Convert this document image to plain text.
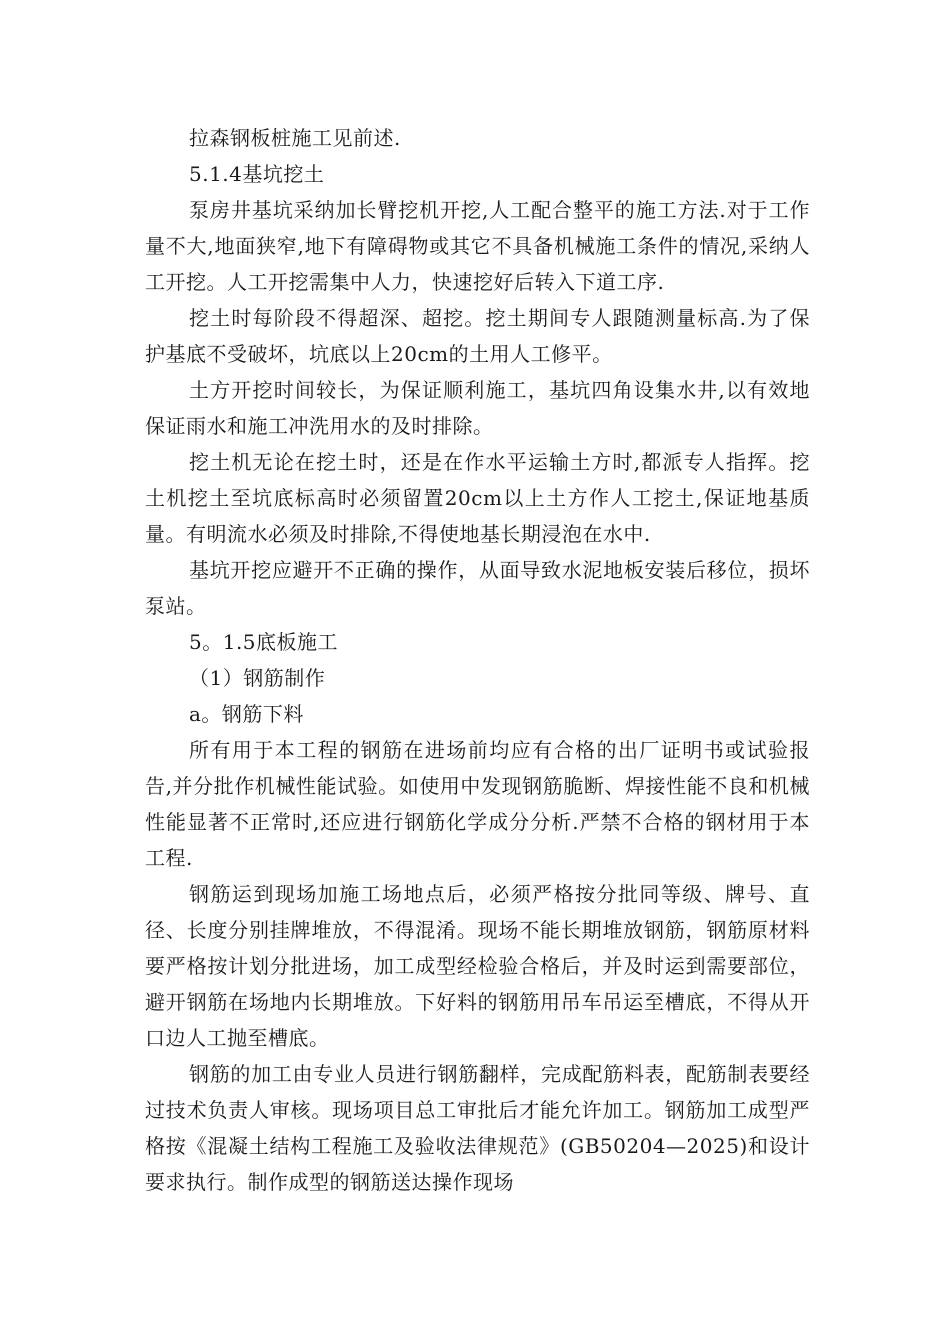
拉森钢板桩施工见前述.

5.1.4基坑挖土

泵房井基坑采纳加长臂挖机开挖,人工配合整平的施工方法.对于工作量不大,地面狭窄,地下有障碍物或其它不具备机械施工条件的情况,采纳人工开挖。人工开挖需集中人力，快速挖好后转入下道工序.

挖土时每阶段不得超深、超挖。挖土期间专人跟随测量标高.为了保护基底不受破坏，坑底以上20cm的土用人工修平。

土方开挖时间较长，为保证顺利施工，基坑四角设集水井,以有效地保证雨水和施工冲洗用水的及时排除。

挖土机无论在挖土时，还是在作水平运输土方时,都派专人指挥。挖土机挖土至坑底标高时必须留置20cm以上土方作人工挖土,保证地基质量。有明流水必须及时排除,不得使地基长期浸泡在水中.

基坑开挖应避开不正确的操作，从面导致水泥地板安装后移位，损坏泵站。

5。1.5底板施工

（1）钢筋制作

a。钢筋下料

所有用于本工程的钢筋在进场前均应有合格的出厂证明书或试验报告,并分批作机械性能试验。如使用中发现钢筋脆断、焊接性能不良和机械性能显著不正常时,还应进行钢筋化学成分分析.严禁不合格的钢材用于本工程.

钢筋运到现场加施工场地点后，必须严格按分批同等级、牌号、直径、长度分别挂牌堆放，不得混淆。现场不能长期堆放钢筋，钢筋原材料要严格按计划分批进场，加工成型经检验合格后，并及时运到需要部位，避开钢筋在场地内长期堆放。下好料的钢筋用吊车吊运至槽底，不得从开口边人工抛至槽底。

钢筋的加工由专业人员进行钢筋翻样，完成配筋料表，配筋制表要经过技术负责人审核。现场项目总工审批后才能允许加工。钢筋加工成型严格按《混凝土结构工程施工及验收法律规范》(GB50204—2025)和设计要求执行。制作成型的钢筋送达操作现场
